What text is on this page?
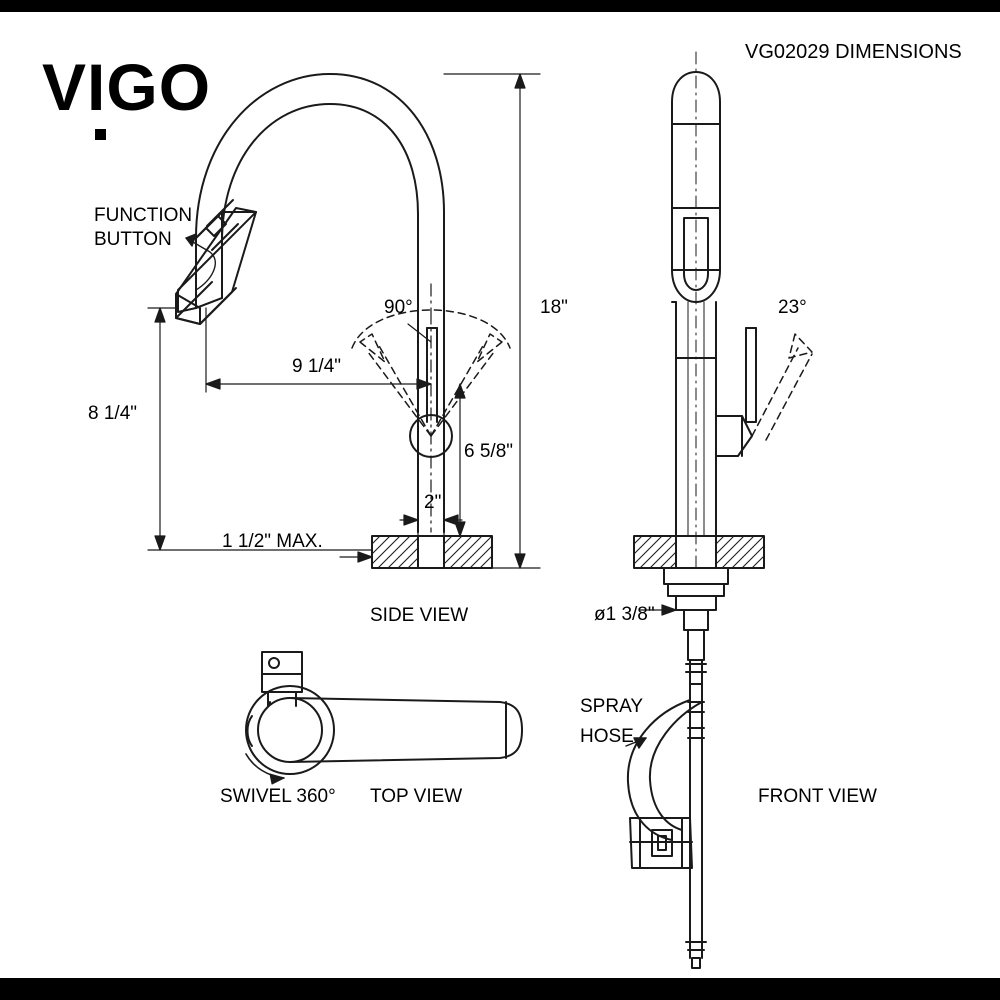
VIGO	VG02029 DIMENSIONS
FUNCTION
BUTTON
18"
8 1/4"
9 1/4"
90°
6 5/8"
2"
1 1/2" MAX.
23°
ø1 3/8"
SIDE VIEW
TOP VIEW	FRONT VIEW
SWIVEL 360°
SPRAY
HOSE
